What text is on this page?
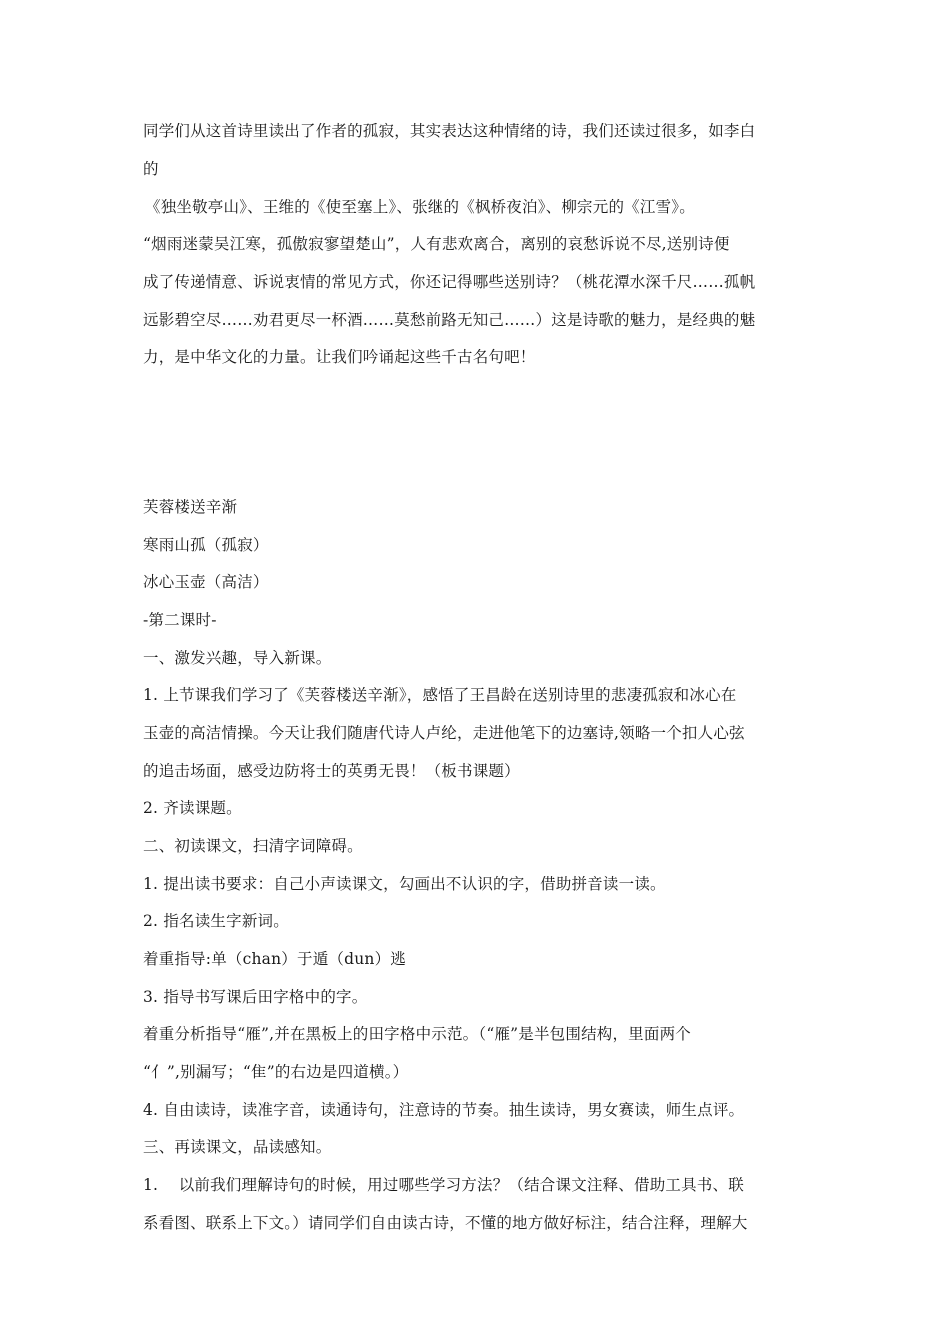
同学们从这首诗里读出了作者的孤寂，其实表达这种情绪的诗，我们还读过很多，如李白
的
《独坐敬亭山》、王维的《使至塞上》、张继的《枫桥夜泊》、柳宗元的《江雪》。
“烟雨迷蒙吴江寒，孤傲寂寥望楚山”，人有悲欢离合，离别的哀愁诉说不尽,送别诗便
成了传递情意、诉说衷情的常见方式，你还记得哪些送别诗？（桃花潭水深千尺……孤帆
远影碧空尽……劝君更尽一杯酒……莫愁前路无知己……）这是诗歌的魅力，是经典的魅
力，是中华文化的力量。让我们吟诵起这些千古名句吧！
芙蓉楼送辛渐
寒雨山孤（孤寂）
冰心玉壶（高洁）
-第二课时-
一、激发兴趣，导入新课。
1. 上节课我们学习了《芙蓉楼送辛渐》，感悟了王昌龄在送别诗里的悲凄孤寂和冰心在
玉壶的高洁情操。今天让我们随唐代诗人卢纶，走进他笔下的边塞诗,领略一个扣人心弦
的追击场面，感受边防将士的英勇无畏！（板书课题）
2. 齐读课题。
二、初读课文，扫清字词障碍。
1. 提出读书要求：自己小声读课文，勾画出不认识的字，借助拼音读一读。
2. 指名读生字新词。
着重指导:单（chan）于遁（dun）逃
3. 指导书写课后田字格中的字。
着重分析指导“雁”,并在黑板上的田字格中示范。（“雁”是半包围结构，里面两个
“亻”,别漏写；“隹”的右边是四道横。）
4. 自由读诗，读准字音，读通诗句，注意诗的节奏。抽生读诗，男女赛读，师生点评。
三、再读课文，品读感知。
1.    以前我们理解诗句的时候，用过哪些学习方法？（结合课文注释、借助工具书、联
系看图、联系上下文。）请同学们自由读古诗，不懂的地方做好标注，结合注释，理解大
